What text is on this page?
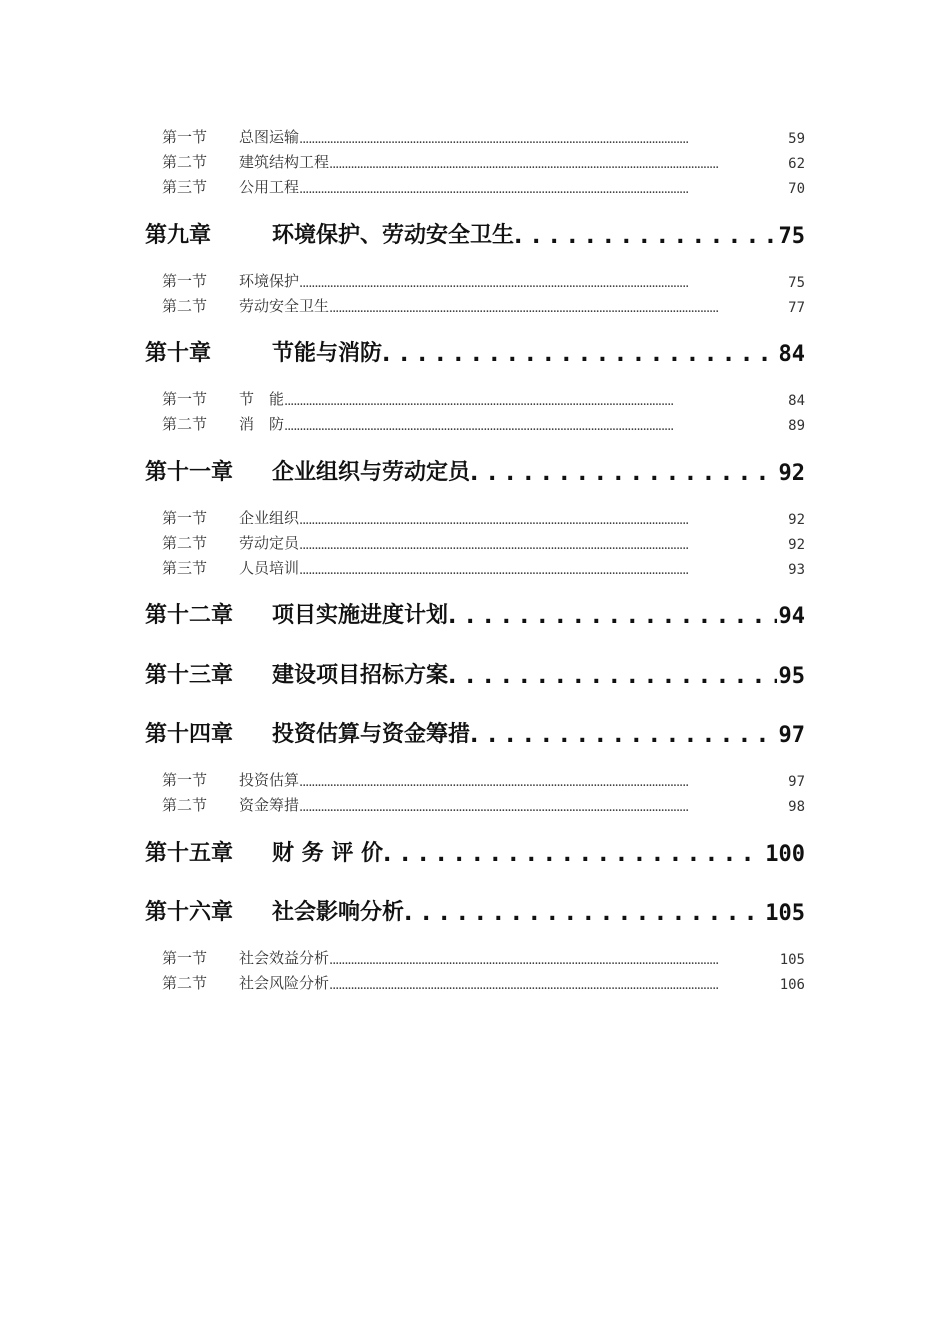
第一节	总图运输 . . .	59
第二节	建筑结构工程 . . .	62
第三节	公用工程 . . .	70
第九章	环境保护、劳动安全卫生 . . .	75
第一节	环境保护 . . .	75
第二节	劳动安全卫生 . . .	77
第十章	节能与消防 . . .	84
第一节	节　能 . . .	84
第二节	消　防 . . .	89
第十一章	企业组织与劳动定员 . . .	92
第一节	企业组织 . . .	92
第二节	劳动定员 . . .	92
第三节	人员培训 . . .	93
第十二章	项目实施进度计划 . . .	94
第十三章	建设项目招标方案 . . .	95
第十四章	投资估算与资金筹措 . . .	97
第一节	投资估算 . . .	97
第二节	资金筹措 . . .	98
第十五章	财 务 评 价 . . .	100
第十六章	社会影响分析 . . .	105
第一节	社会效益分析 . . .	105
第二节	社会风险分析 . . .	106
